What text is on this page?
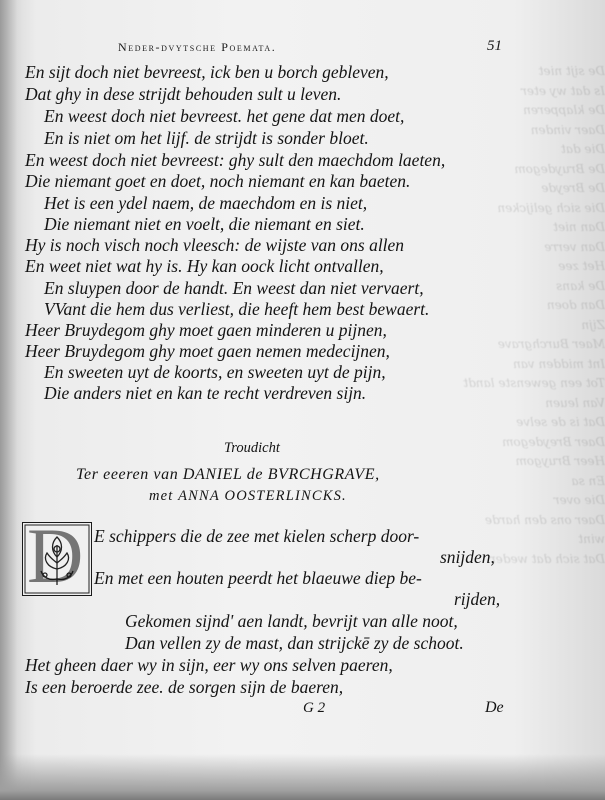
De sijt niet
Is dat wy eter
De klapperen
Daer vinden
Die dat
De Bruydegom
De Breyde
Die sich gelijcken
Dan niet
Dan verre
Het zee
De kans
Dan doen
Zijn
Maer Burchgrave
Int midden van
Tot een gewenste landt
Van leuen
Dat is de selve
Daer Breydegom
Heer Bruygom
En sa
Die over
Daer ons den harde wint
Dat sich dat weder
Neder-dvytsche Poemata.	51
En sijt doch niet bevreest, ick ben u borch gebleven,
Dat ghy in dese strijdt behouden sult u leven.
En weest doch niet bevreest. het gene dat men doet,
En is niet om het lijf. de strijdt is sonder bloet.
En weest doch niet bevreest: ghy sult den maechdom laeten,
Die niemant goet en doet, noch niemant en kan baeten.
Het is een ydel naem, de maechdom en is niet,
Die niemant niet en voelt, die niemant en siet.
Hy is noch visch noch vleesch: de wijste van ons allen
En weet niet wat hy is. Hy kan oock licht ontvallen,
En sluypen door de handt. En weest dan niet vervaert,
VVant die hem dus verliest, die heeft hem best bewaert.
Heer Bruydegom ghy moet gaen minderen u pijnen,
Heer Bruydegom ghy moet gaen nemen medecijnen,
En sweeten uyt de koorts, en sweeten uyt de pijn,
Die anders niet en kan te recht verdreven sijn.
Troudicht
Ter eeeren van DANIEL de BVRCHGRAVE,
met ANNA OOSTERLINCKS.
D E schippers die de zee met kielen scherp door-
snijden,
En met een houten peerdt het blaeuwe diep be-
rijden,
Gekomen sijnd' aen landt, bevrijt van alle noot,
Dan vellen zy de mast, dan strijckē zy de schoot.
Het gheen daer wy in sijn, eer wy ons selven paeren,
Is een beroerde zee. de sorgen sijn de baeren,
G 2	De
